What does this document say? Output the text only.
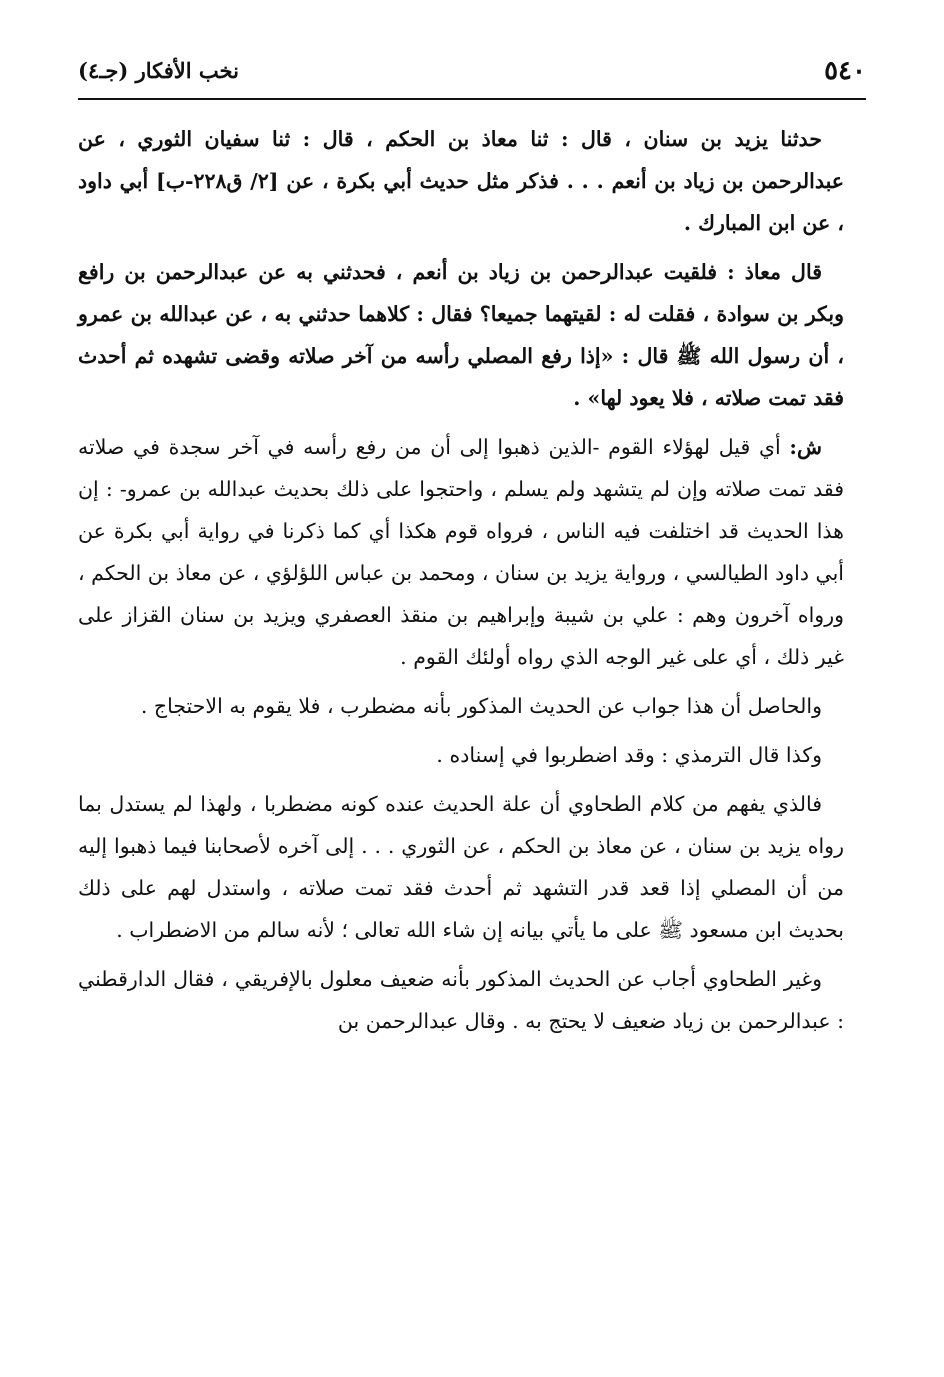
٥٤٠
نخب الأفكار (جـ٤)

حدثنا يزيد بن سنان ، قال : ثنا معاذ بن الحكم ، قال : ثنا سفيان الثوري ، عن عبدالرحمن بن زياد بن أنعم . . . فذكر مثل حديث أبي بكرة ، عن [٢/ ق٢٢٨-ب] أبي داود ، عن ابن المبارك .

قال معاذ : فلقيت عبدالرحمن بن زياد بن أنعم ، فحدثني به عن عبدالرحمن بن رافع وبكر بن سوادة ، فقلت له : لقيتهما جميعا؟ فقال : كلاهما حدثني به ، عن عبدالله بن عمرو ، أن رسول الله ﷺ قال : «إذا رفع المصلي رأسه من آخر صلاته وقضى تشهده ثم أحدث فقد تمت صلاته ، فلا يعود لها» .

ش: أي قيل لهؤلاء القوم -الذين ذهبوا إلى أن من رفع رأسه في آخر سجدة في صلاته فقد تمت صلاته وإن لم يتشهد ولم يسلم ، واحتجوا على ذلك بحديث عبدالله بن عمرو- : إن هذا الحديث قد اختلفت فيه الناس ، فرواه قوم هكذا أي كما ذكرنا في رواية أبي بكرة عن أبي داود الطيالسي ، ورواية يزيد بن سنان ، ومحمد بن عباس اللؤلؤي ، عن معاذ بن الحكم ، ورواه آخرون وهم : علي بن شيبة وإبراهيم بن منقذ العصفري ويزيد بن سنان القزاز على غير ذلك ، أي على غير الوجه الذي رواه أولئك القوم .

والحاصل أن هذا جواب عن الحديث المذكور بأنه مضطرب ، فلا يقوم به الاحتجاج .

وكذا قال الترمذي : وقد اضطربوا في إسناده .

فالذي يفهم من كلام الطحاوي أن علة الحديث عنده كونه مضطربا ، ولهذا لم يستدل بما رواه يزيد بن سنان ، عن معاذ بن الحكم ، عن الثوري . . . إلى آخره لأصحابنا فيما ذهبوا إليه من أن المصلي إذا قعد قدر التشهد ثم أحدث فقد تمت صلاته ، واستدل لهم على ذلك بحديث ابن مسعود ﷺ على ما يأتي بيانه إن شاء الله تعالى ؛ لأنه سالم من الاضطراب .

وغير الطحاوي أجاب عن الحديث المذكور بأنه ضعيف معلول بالإفريقي ، فقال الدارقطني : عبدالرحمن بن زياد ضعيف لا يحتج به . وقال عبدالرحمن بن
